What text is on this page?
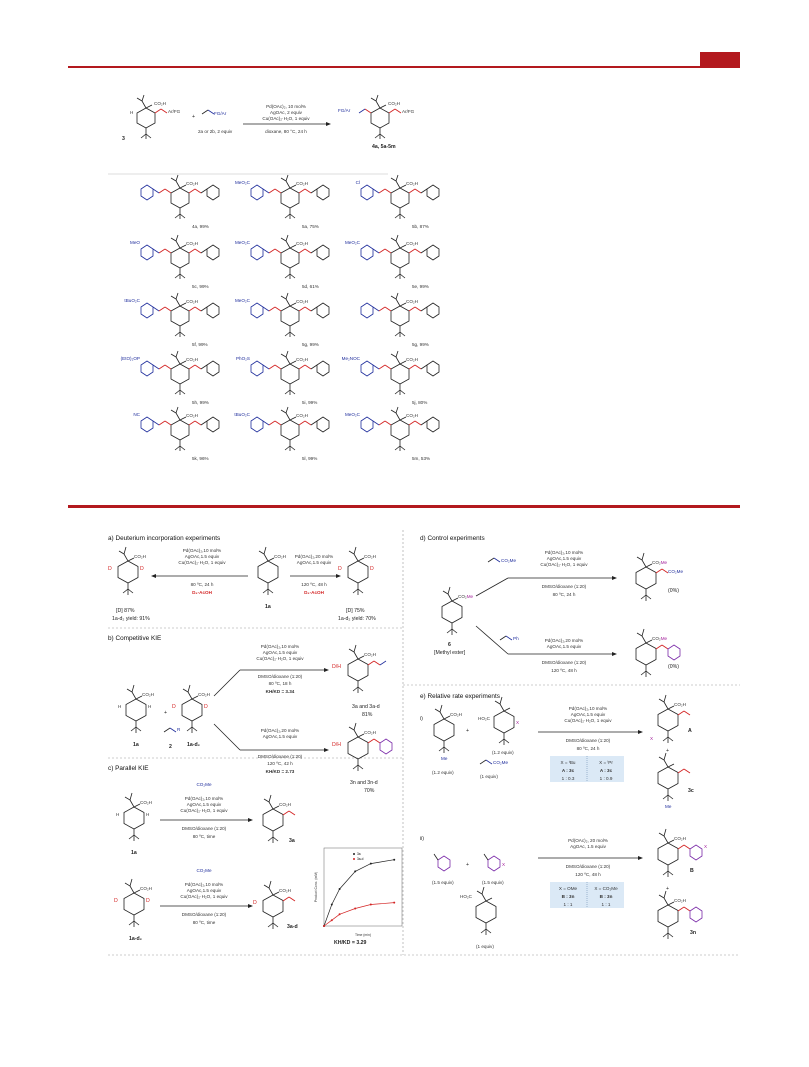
H
CO₂H
Ar/FG
3
+
FG/Ar
2a or 2b, 2 equiv
Pd(OAc)₂, 10 mol%
AgOAc, 2 equiv
Cu(OAc)₂·H₂O, 1 equiv
dioxane, 80 °C, 24 h
FG/Ar
CO₂H
Ar/FG
4a, 5a-5m
CO₂H
4a, 99%
CO₂H
MeO₂C
5a, 75%
CO₂H
Cl
5b, 87%
CO₂H
MeO
5c, 99%
CO₂H
MeO₂C
5d, 61%
CO₂H
MeO₂C
5e, 99%
CO₂H
tBuO₂C
5f, 99%
CO₂H
MeO₂C
5g, 99%
CO₂H
5g, 99%
CO₂H
(EtO)₂OP
5h, 99%
CO₂H
PhO₂S
5i, 99%
CO₂H
Me₂NOC
5j, 80%
CO₂H
NC
5k, 96%
CO₂H
tBuO₂C
5l, 99%
CO₂H
MeO₂C
5m, 53%
a) Deuterium incorporation experiments
D	D
CO₂H	CO₂H
1a
D	D
CO₂H
Pd(OAc)₂,10 mol%
AgOAc,1.5 equiv
Cu(OAc)₂·H₂O, 1 equiv
80 ºC, 24 h
D₄-AcOH
Pd(OAc)₂,20 mol%
AgOAc,1.5 equiv
120 ºC, 48 h
D₄-AcOH
[D] 87%
1a-d₂ yield: 91%
[D] 75%
1a-d₂ yield: 70%
b) Competitive KIE
H	H
CO₂H
1a
+
D	D
CO₂H
1a-d₂
R
2
Pd(OAc)₂,10 mol%
AgOAc,1.5 equiv
Cu(OAc)₂·H₂O, 1 equiv
DMSO/dioxane (1:20)
80 ºC, 18 h
KH/KD = 3.34
Pd(OAc)₂,20 mol%
AgOAc,1.5 equiv
DMSO/dioxane (1:20)
120 ºC, 42 h
KH/KD = 2.73
D/H
CO₂H
3a and 3a-d
81%
D/H
CO₂H
3n and 3n-d
70%
c) Parallel KIE
H	H
CO₂H
1a
CO₂Me
Pd(OAc)₂,10 mol%
AgOAc,1.5 equiv
Cu(OAc)₂·H₂O, 1 equiv
DMSO/dioxane (1:20)
80 ºC, time
CO₂H
3a
D	D
CO₂H
1a-d₂
CO₂Me
Pd(OAc)₂,10 mol%
AgOAc,1.5 equiv
Cu(OAc)₂·H₂O, 1 equiv
DMSO/dioxane (1:20)
80 ºC, time
D
CO₂H
3a-d
Time (min)
Product Conc. (mM)
3a
3a-d
KH/KD = 3.29
d) Control experiments
CO₂Me
6
[Methyl ester]
CO₂Me
Pd(OAc)₂,10 mol%
AgOAc,1.5 equiv
Cu(OAc)₂·H₂O, 1 equiv
DMSO/dioxane (1:20)
80 ºC, 24 h
CO₂Me
CO₂Me
(0%)
Ph	Pd(OAc)₂,20 mol%
AgOAc,1.5 equiv
DMSO/dioxane (1:20)
120 ºC, 48 h
CO₂Me
(0%)
e) Relative rate experiments
i)
CO₂H
Me
(1.2 equiv)
+
HO₂C
X
(1.2 equiv)
CO₂Me
(1 equiv)
Pd(OAc)₂,10 mol%
AgOAc,1.5 equiv
Cu(OAc)₂·H₂O, 1 equiv
DMSO/dioxane (1:20)
80 ºC, 24 h
X = ᵗBu	X = ⁱPr
A : 3c	A : 3c
1 : 0.3	1 : 0.9
CO₂H
X
A
+
Me
3c
ii)
(1.5 equiv)
+	X
(1.5 equiv)
HO₂C
(1 equiv)
Pd(OAc)₂, 20 mol%
AgOAc, 1.5 equiv
DMSO/dioxane (1:20)
120 ºC, 48 h
X = OMe	X = CO₂Me
B : 3n	B : 3n
1 : 1	1 : 1
CO₂H
X
B
+
CO₂H
3n
